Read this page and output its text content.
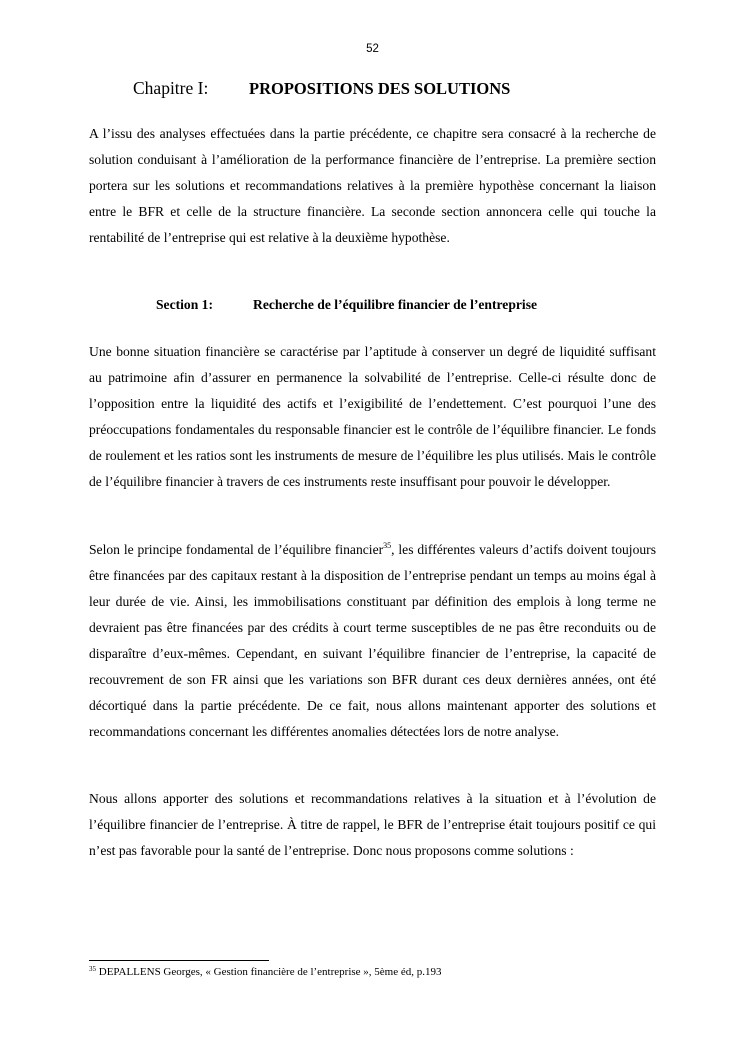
52
Chapitre I: PROPOSITIONS DES SOLUTIONS

A l’issu des analyses effectuées dans la partie précédente, ce chapitre sera consacré à la recherche de solution conduisant à l’amélioration de la performance financière de l’entreprise. La première section portera sur les solutions et recommandations relatives à la première hypothèse concernant la liaison entre le BFR et celle de la structure financière. La seconde section annoncera celle qui touche la rentabilité de l’entreprise qui est relative à la deuxième hypothèse.

Section 1:	Recherche de l’équilibre financier de l’entreprise

Une bonne situation financière se caractérise par l’aptitude à conserver un degré de liquidité suffisant au patrimoine afin d’assurer en permanence la solvabilité de l’entreprise. Celle-ci résulte donc de l’opposition entre la liquidité des actifs et l’exigibilité de l’endettement. C’est pourquoi l’une des préoccupations fondamentales du responsable financier est le contrôle de l’équilibre financier. Le fonds de roulement et les ratios sont les instruments de mesure de l’équilibre les plus utilisés. Mais le contrôle de l’équilibre financier à travers de ces instruments reste insuffisant pour pouvoir le développer.

Selon le principe fondamental de l’équilibre financier$^{35}$, les différentes valeurs d’actifs doivent toujours être financées par des capitaux restant à la disposition de l’entreprise pendant un temps au moins égal à leur durée de vie. Ainsi, les immobilisations constituant par définition des emplois à long terme ne devraient pas être financées par des crédits à court terme susceptibles de ne pas être reconduits ou de disparaître d’eux-mêmes. Cependant, en suivant l’équilibre financier de l’entreprise, la capacité de recouvrement de son FR ainsi que les variations son BFR durant ces deux dernières années, ont été décortiqué dans la partie précédente. De ce fait, nous allons maintenant apporter des solutions et recommandations concernant les différentes anomalies détectées lors de notre analyse.

Nous allons apporter des solutions et recommandations relatives à la situation et à l’évolution de l’équilibre financier de l’entreprise. À titre de rappel, le BFR de l’entreprise était toujours positif ce qui n’est pas favorable pour la santé de l’entreprise. Donc nous proposons comme solutions :

$^{35}$ DEPALLENS Georges, « Gestion financière de l’entreprise », 5ème éd, p.193
